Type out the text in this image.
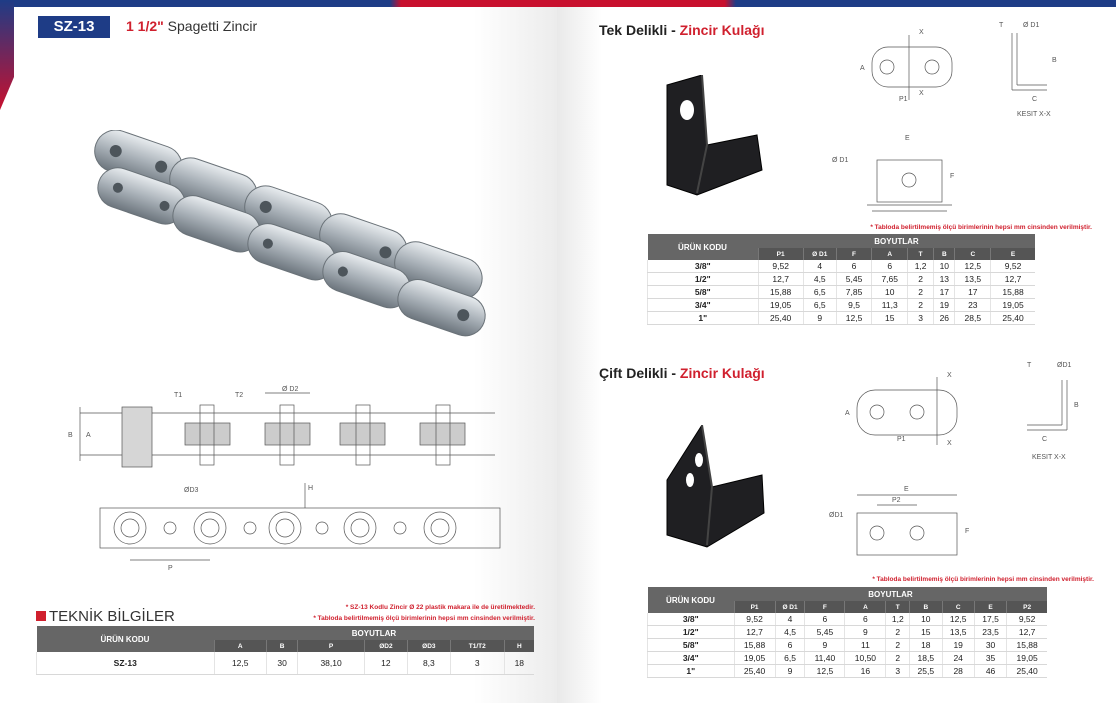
SZ-13	1 1/2" Spagetti Zincir
Ø D2
T1	T2
B A
ØD3	H
P
TEKNİK BİLGİLER
* SZ-13 Kodlu Zincir Ø 22 plastik makara ile de üretilmektedir.
* Tabloda belirtilmemiş ölçü birimlerinin hepsi mm cinsinden verilmiştir.
ÜRÜN KODU	BOYUTLAR						
	A	B	P	ØD2	ØD3	T1/T2	H
SZ-13	12,5	30	38,10	12	8,3	3	18
Tek Delikli - Zincir Kulağı	X
X
A
P1
Ø D1
T
B
C
KESIT X-X
E
Ø D1
F
* Tabloda belirtilmemiş ölçü birimlerinin hepsi mm cinsinden verilmiştir.
ÜRÜN KODU	BOYUTLAR							
	P1	Ø D1	F	A	T	B	C	E
3/8"	9,52	4	6	6	1,2	10	12,5	9,52
1/2"	12,7	4,5	5,45	7,65	2	13	13,5	12,7
5/8"	15,88	6,5	7,85	10	2	17	17	15,88
3/4"	19,05	6,5	9,5	11,3	2	19	23	19,05
1"	25,40	9	12,5	15	3	26	28,5	25,40
Çift Delikli - Zincir Kulağı	X
X
A
P1
ØD1
T
B
C
KESIT X-X
E
P2
ØD1
F
* Tabloda belirtilmemiş ölçü birimlerinin hepsi mm cinsinden verilmiştir.
ÜRÜN KODU	BOYUTLAR								
	P1	Ø D1	F	A	T	B	C	E	P2
3/8"	9,52	4	6	6	1,2	10	12,5	17,5	9,52
1/2"	12,7	4,5	5,45	9	2	15	13,5	23,5	12,7
5/8"	15,88	6	9	11	2	18	19	30	15,88
3/4"	19,05	6,5	11,40	10,50	2	18,5	24	35	19,05
1"	25,40	9	12,5	16	3	25,5	28	46	25,40
